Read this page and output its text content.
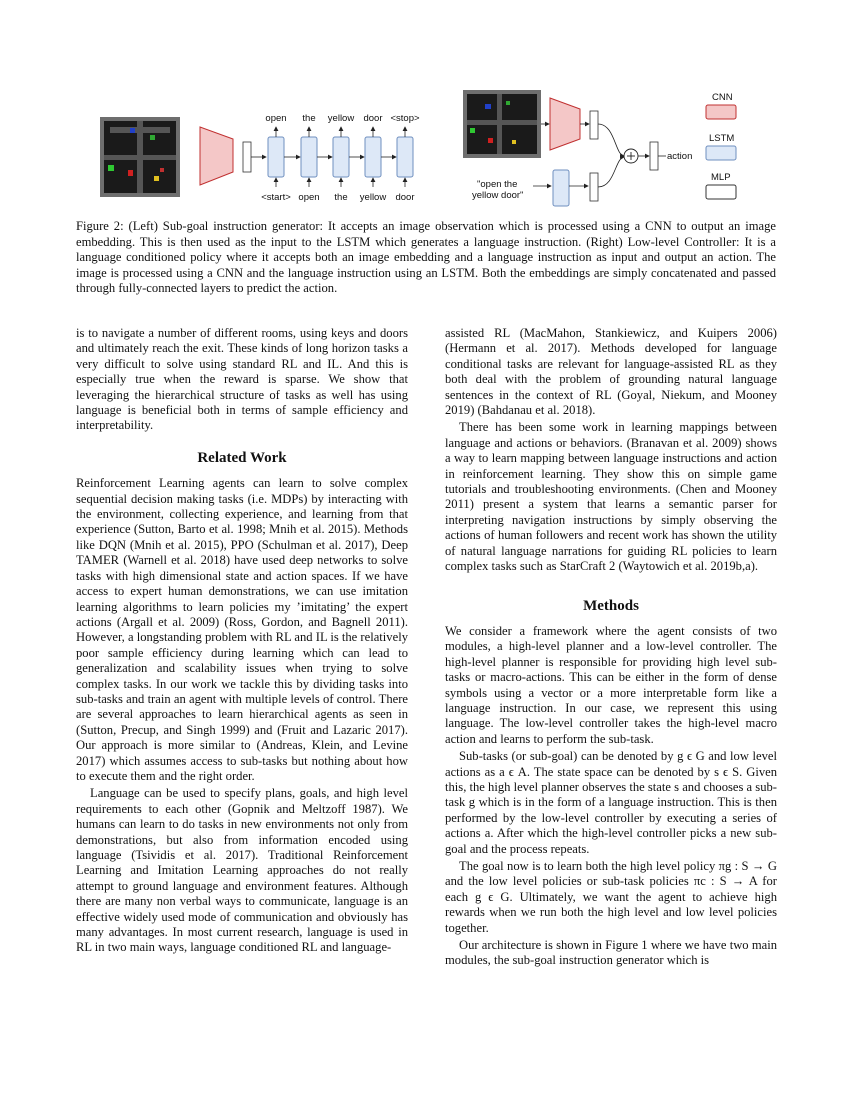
open the yellow door <stop>
<start> open the yellow door
"open the
yellow door"
action
CNN
LSTM
MLP
Figure 2: (Left) Sub-goal instruction generator: It accepts an image observation which is processed using a CNN to output an image embedding. This is then used as the input to the LSTM which generates a language instruction. (Right) Low-level Controller: It is a language conditioned policy where it accepts both an image embedding and a language instruction as input and output an action. The image is processed using a CNN and the language instruction using an LSTM. Both the embeddings are simply concatenated and passed through fully-connected layers to predict the action.

is to navigate a number of different rooms, using keys and doors and ultimately reach the exit. These kinds of long horizon tasks a very difficult to solve using standard RL and IL. And this is especially true when the reward is sparse. We show that leveraging the hierarchical structure of tasks as well has using language is beneficial both in terms of sample efficiency and interpretability.

Related Work

Reinforcement Learning agents can learn to solve complex sequential decision making tasks (i.e. MDPs) by interacting with the environment, collecting experience, and learning from that experience (Sutton, Barto et al. 1998; Mnih et al. 2015). Methods like DQN (Mnih et al. 2015), PPO (Schulman et al. 2017), Deep TAMER (Warnell et al. 2018) have used deep networks to solve tasks with high dimensional state and action spaces. If we have access to expert human demonstrations, we can use imitation learning algorithms to learn policies my ’imitating’ the expert actions (Argall et al. 2009) (Ross, Gordon, and Bagnell 2011). However, a longstanding problem with RL and IL is the relatively poor sample efficiency during learning which can lead to generalization and scalability issues when trying to solve complex tasks. In our work we tackle this by dividing tasks into sub-tasks and train an agent with multiple levels of control. There are several approaches to learn hierarchical agents as seen in (Sutton, Precup, and Singh 1999) and (Fruit and Lazaric 2017). Our approach is more similar to (Andreas, Klein, and Levine 2017) which assumes access to sub-tasks but nothing about how to execute them and the right order.

Language can be used to specify plans, goals, and high level requirements to each other (Gopnik and Meltzoff 1987). We humans can learn to do tasks in new environments not only from demonstrations, but also from information encoded using language (Tsividis et al. 2017). Traditional Reinforcement Learning and Imitation Learning approaches do not really attempt to ground language and environment features. Although there are many non verbal ways to communicate, language is an effective widely used mode of communication and obviously has many advantages. In most current research, language is used in RL in two main ways, language conditioned RL and language-

assisted RL (MacMahon, Stankiewicz, and Kuipers 2006) (Hermann et al. 2017). Methods developed for language conditional tasks are relevant for language-assisted RL as they both deal with the problem of grounding natural language sentences in the context of RL (Goyal, Niekum, and Mooney 2019) (Bahdanau et al. 2018).

There has been some work in learning mappings between language and actions or behaviors. (Branavan et al. 2009) shows a way to learn mapping between language instructions and action in reinforcement learning. They show this on simple game tutorials and troubleshooting environments. (Chen and Mooney 2011) present a system that learns a semantic parser for interpreting navigation instructions by simply observing the actions of human followers and recent work has shown the utility of natural language narrations for guiding RL policies to learn complex tasks such as StarCraft 2 (Waytowich et al. 2019b,a).

Methods

We consider a framework where the agent consists of two modules, a high-level planner and a low-level controller. The high-level planner is responsible for providing high level sub-tasks or macro-actions. This can be either in the form of dense symbols using a vector or a more interpretable form like a language instruction. In our case, we represent this using language. The low-level controller takes the high-level macro action and learns to perform the sub-task.

Sub-tasks (or sub-goal) can be denoted by g ϵ G and low level actions as a ϵ A. The state space can be denoted by s ϵ S. Given this, the high level planner observes the state s and chooses a sub-task g which is in the form of a language instruction. This is then performed by the low-level controller by executing a series of actions a. After which the high-level controller picks a new sub-goal and the process repeats.

The goal now is to learn both the high level policy πg : S → G and the low level policies or sub-task policies πc : S → A for each g ϵ G. Ultimately, we want the agent to achieve high rewards when we run both the high level and low level policies together.

Our architecture is shown in Figure 1 where we have two main modules, the sub-goal instruction generator which is
